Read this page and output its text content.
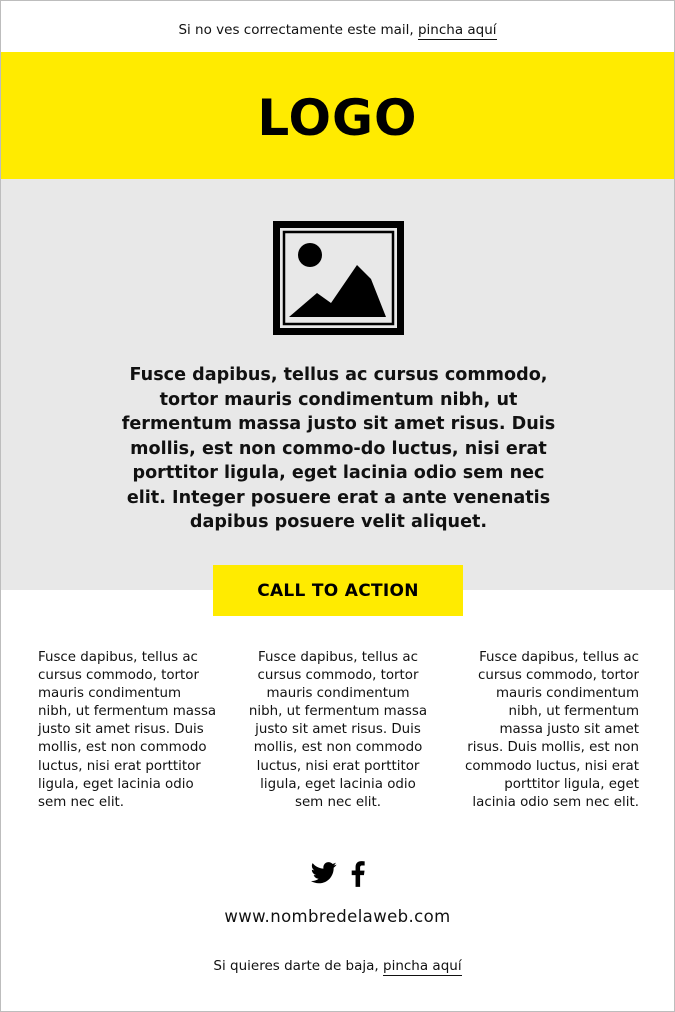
Si no ves correctamente este mail, pincha aquí
LOGO
Fusce dapibus, tellus ac cursus commodo, tortor mauris condimentum nibh, ut fermentum massa justo sit amet risus. Duis mollis, est non commo-do luctus, nisi erat porttitor ligula, eget lacinia odio sem nec elit. Integer posuere erat a ante venenatis dapibus posuere velit aliquet.
CALL TO ACTION
Fusce dapibus, tellus ac cursus commodo, tortor mauris condimentum nibh, ut fermentum massa justo sit amet risus. Duis mollis, est non commodo luctus, nisi erat porttitor ligula, eget lacinia odio sem nec elit.
Fusce dapibus, tellus ac cursus commodo, tortor mauris condimentum nibh, ut fermentum massa justo sit amet risus. Duis mollis, est non commodo luctus, nisi erat porttitor ligula, eget lacinia odio sem nec elit.
Fusce dapibus, tellus ac cursus commodo, tortor mauris condimentum nibh, ut fermentum massa justo sit amet risus. Duis mollis, est non commodo luctus, nisi erat porttitor ligula, eget lacinia odio sem nec elit.
www.nombredelaweb.com
Si quieres darte de baja, pincha aquí
